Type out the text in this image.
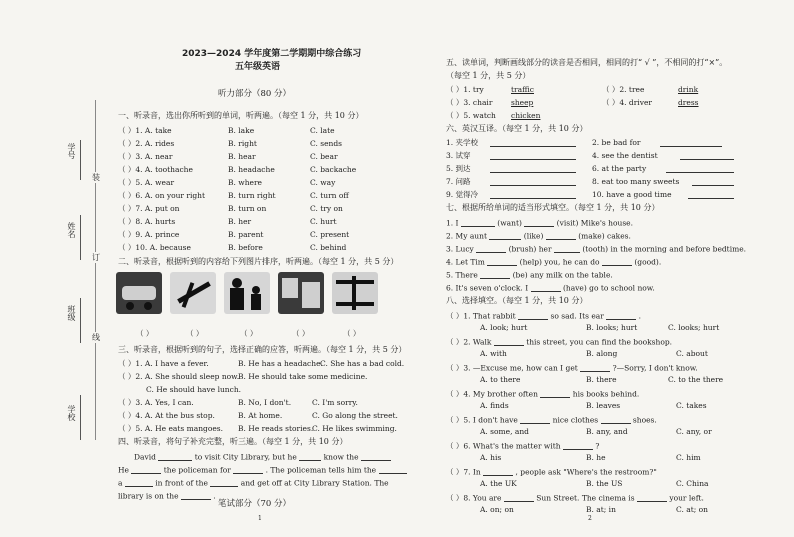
学号
姓名
班级
学校
装
订
线
2023—2024 学年度第二学期期中综合练习
五年级英语
听力部分（80 分）
一、听录音，选出你所听到的单词，听两遍。（每空 1 分，共 10 分）
（ ）1. A. take	B. lake	C. late
（ ）2. A. rides	B. right	C. sends
（ ）3. A. near	B. hear	C. bear
（ ）4. A. toothache	B. headache	C. backache
（ ）5. A. wear	B. where	C. way
（ ）6. A. on your right	B. turn right	C. turn off
（ ）7. A. put on	B. turn on	C. try on
（ ）8. A. hurts	B. her	C. hurt
（ ）9. A. prince	B. parent	C. present
（ ）10. A. because	B. before	C. behind
二、听录音，根据听到的内容给下列图片排序，听两遍。（每空 1 分，共 5 分）
（ ）	（ ）	（ ）	（ ）	（ ）
三、听录音，根据听到的句子，选择正确的应答，听两遍。（每空 1 分，共 5 分）
（ ）1. A. I have a fever.	B. He has a headache.
C. She has a bad cold.
（ ）2. A. She should sleep now.
B. He should take some medicine.
C. He should have lunch.
（ ）3. A. Yes, I can.	B. No, I don't.	C. I'm sorry.
（ ）4. A. At the bus stop.	B. At home.	C. Go along the street.
（ ）5. A. He eats mangoes. B. He reads stories.
C. He likes swimming.
四、听录音，将句子补充完整，听三遍。（每空 1 分，共 10 分）
David	to visit City Library, but he	know the
He	the policeman for	. The policeman tells him the
a	in front of the	and get off at City Library Station. The
library is on the	.
笔试部分（70 分）
1
五、读单词，判断画线部分的读音是否相同，相同的打“ √ ”，不相同的打“×”。
（每空 1 分，共 5 分）
（ ）1. try	traffic	（ ）2. tree	drink
（ ）3. chair sheep	（ ）4. driver	dress
（ ）5. watch chicken
六、英汉互译。（每空 1 分，共 10 分）
1. 夹学校
3. 试穿
5. 到达
7. 问路
9. 觉得冷
2. be bad for
4. see the dentist
6. at the party
8. eat too many sweets
10. have a good time
七、根据所给单词的适当形式填空。（每空 1 分，共 10 分）
1. I	(want)	(visit) Mike's house.
2. My aunt	(like)	(make) cakes.
3. Lucy	(brush) her	(tooth) in the morning and before bedtime.
4. Let Tim	(help) you, he can do	(good).
5. There	(be) any milk on the table.
6. It's seven o'clock. I	(have) go to school now.
八、选择填空。（每空 1 分，共 10 分）
（ ）1. That rabbit	so sad. Its ear	.
A. look; hurt	B. looks; hurt	C. looks; hurt
（ ）2. Walk	this street, you can find the bookshop.
A. with	B. along	C. about
（ ）3. —Excuse me, how can I get	?—Sorry, I don't know.
A. to there	B. there	C. to the there
（ ）4. My brother often	his books behind.
A. finds	B. leaves	C. takes
（ ）5. I don't have	nice clothes	shoes.
A. some, and	B. any, and	C. any, or
（ ）6. What's the matter with	?
A. his	B. he	C. him
（ ）7. In	, people ask "Where's the restroom?"
A. the UK	B. the US	C. China
（ ）8. You are	Sun Street. The cinema is	your left.
A. on; on	B. at; in	C. at; on
2
